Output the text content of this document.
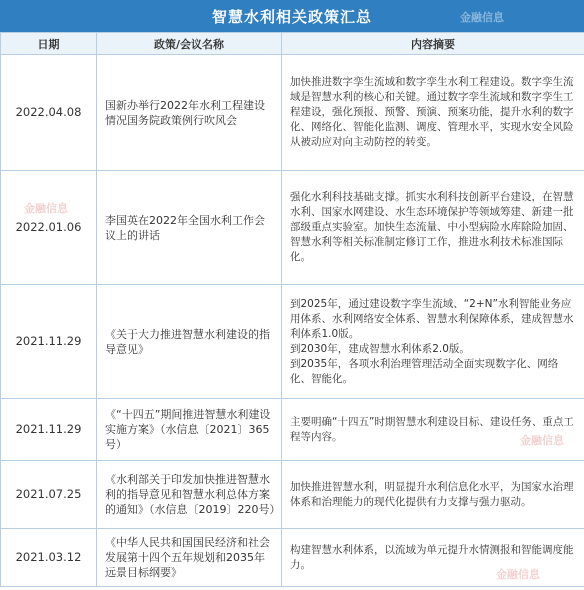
智慧水利相关政策汇总	金融信息
日期	政策/会议名称	内容摘要
2022.04.08	国新办举行2022年水利工程建设情况国务院政策例行吹风会	加快推进数字孪生流域和数字孪生水利工程建设。数字孪生流域是智慧水利的核心和关键。通过数字孪生流域和数字孪生工程建设，强化预报、预警、预演、预案功能，提升水利的数字化、网络化、智能化监测、调度、管理水平，实现水安全风险从被动应对向主动防控的转变。

2022.01.06	李国英在2022年全国水利工作会议上的讲话	强化水利科技基础支撑。抓实水利科技创新平台建设，在智慧水利、国家水网建设、水生态环境保护等领域筹建、新建一批部级重点实验室。加快生态流量、中小型病险水库除险加固、智慧水利等相关标准制定修订工作，推进水利技术标准国际化。

2021.11.29	《关于大力推进智慧水利建设的指导意见》	到2025年，通过建设数字孪生流域、“2+N”水利智能业务应用体系、水利网络安全体系、智慧水利保障体系，建成智慧水利体系1.0版。

到2030年，建成智慧水利体系2.0版。

到2035年，各项水利治理管理活动全面实现数字化、网络化、智能化。

2021.11.29	《“十四五”期间推进智慧水利建设实施方案》（水信息〔2021〕365号）	主要明确“十四五”时期智慧水利建设目标、建设任务、重点工程等内容。

2021.07.25	《水利部关于印发加快推进智慧水利的指导意见和智慧水利总体方案的通知》（水信息〔2019〕220号）	加快推进智慧水利，明显提升水利信息化水平，为国家水治理体系和治理能力的现代化提供有力支撑与强力驱动。

2021.03.12	《中华人民共和国国民经济和社会发展第十四个五年规划和2035年远景目标纲要》	构建智慧水利体系，以流域为单元提升水情测报和智能调度能力。

金融信息
金融信息
金融信息
